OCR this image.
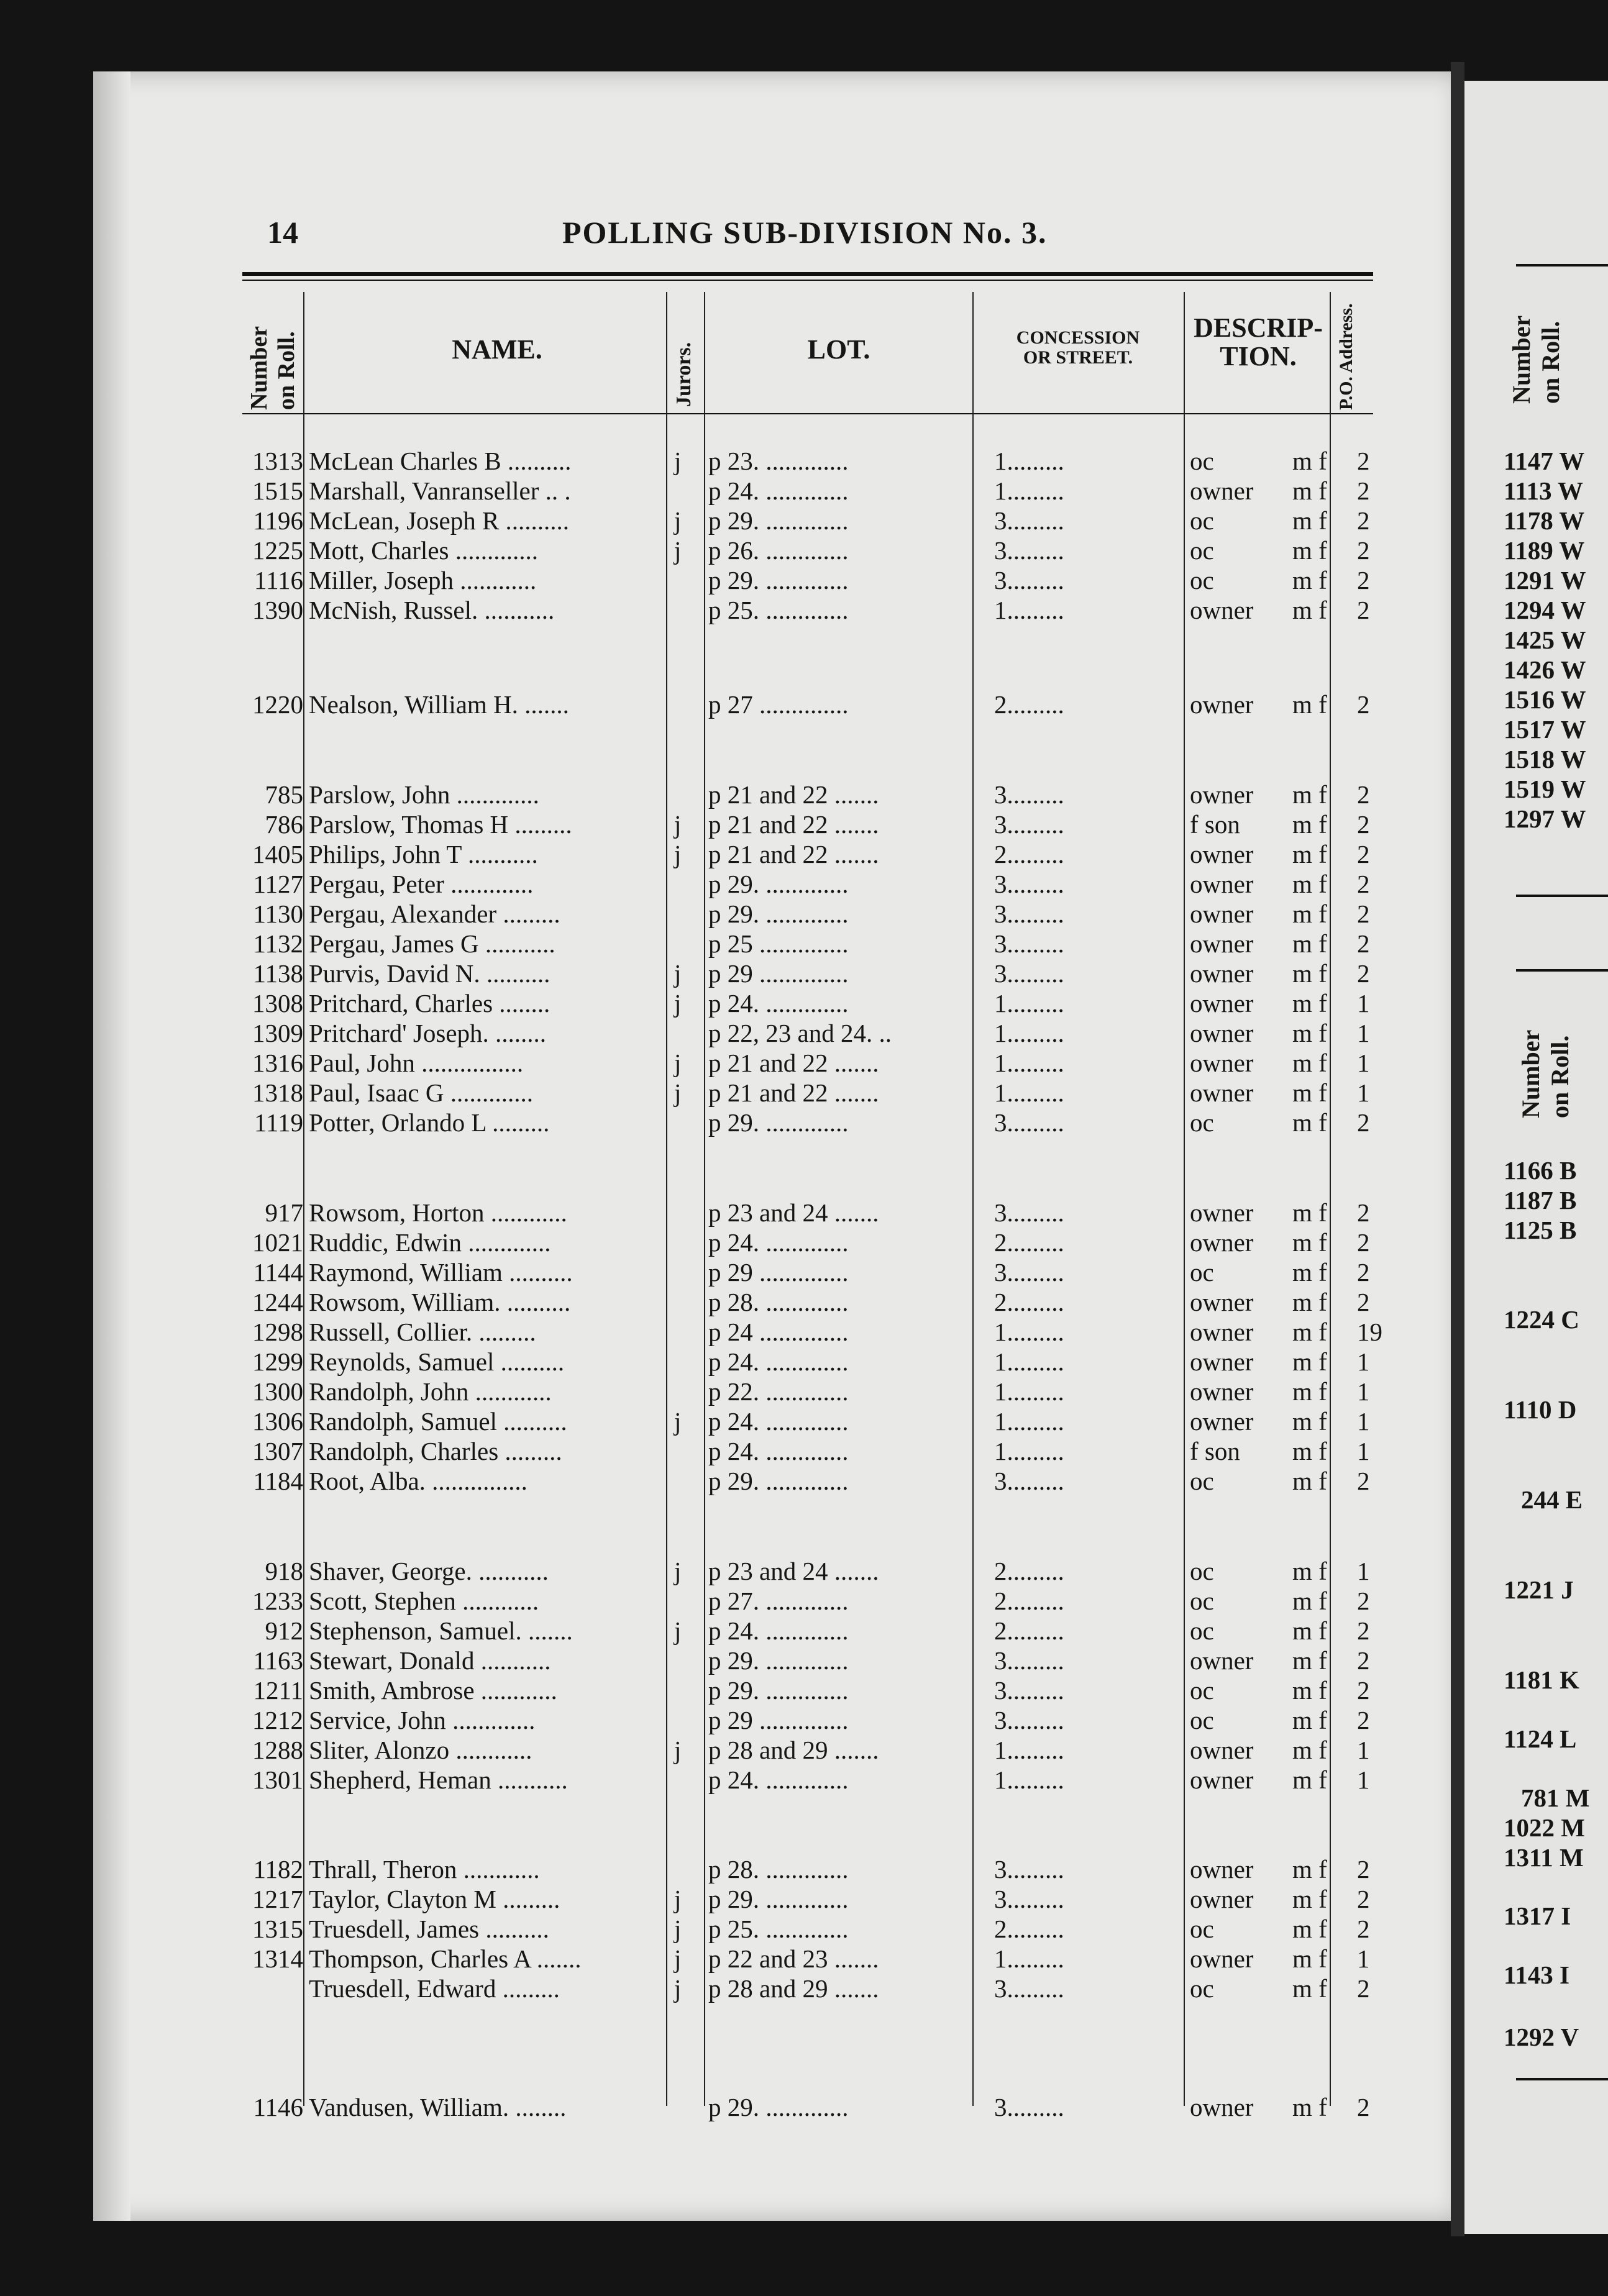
14	POLLING SUB-DIVISION No. 3.
Number on Roll.	NAME.	Jurors.	LOT.	CONCESSION
OR STREET.
DESCRIP-
TION.	P.O. Address.
1313 McLean Charles B ..........	j p 23. .............	1.........	oc	m f 2
1515 Marshall, Vanranseller .. .	p 24. .............	1.........	owner m f 2
1196 McLean, Joseph R ..........	j p 29. .............	3.........	oc	m f 2
1225 Mott, Charles .............	j p 26. .............	3.........	oc	m f 2
1116 Miller, Joseph ............	p 29. .............	3.........	oc	m f 2
1390 McNish, Russel. ...........	p 25. .............	1.........	owner m f 2
1220 Nealson, William H. .......	p 27 ..............	2.........	owner m f 2
785 Parslow, John .............	p 21 and 22 .......	3.........	owner m f 2
786 Parslow, Thomas H .........	j p 21 and 22 .......	3.........	f son m f 2
1405 Philips, John T ...........	j p 21 and 22 .......	2.........	owner m f 2
1127 Pergau, Peter .............	p 29. .............	3.........	owner m f 2
1130 Pergau, Alexander .........	p 29. .............	3.........	owner m f 2
1132 Pergau, James G ...........	p 25 ..............	3.........	owner m f 2
1138 Purvis, David N. ..........	j p 29 ..............	3.........	owner m f 2
1308 Pritchard, Charles ........	j p 24. .............	1.........	owner m f 1
1309 Pritchard' Joseph. ........	p 22, 23 and 24. ..	1.........	owner m f 1
1316 Paul, John ................	j p 21 and 22 .......	1.........	owner m f 1
1318 Paul, Isaac G .............	j p 21 and 22 .......	1.........	owner m f 1
1119 Potter, Orlando L .........	p 29. .............	3.........	oc	m f 2
917 Rowsom, Horton ............	p 23 and 24 .......	3.........	owner m f 2
1021 Ruddic, Edwin .............	p 24. .............	2.........	owner m f 2
1144 Raymond, William ..........	p 29 ..............	3.........	oc	m f 2
1244 Rowsom, William. ..........	p 28. .............	2.........	owner m f 2
1298 Russell, Collier. .........	p 24 ..............	1.........	owner m f 19
1299 Reynolds, Samuel ..........	p 24. .............	1.........	owner m f 1
1300 Randolph, John ............	p 22. .............	1.........	owner m f 1
1306 Randolph, Samuel ..........	j p 24. .............	1.........	owner m f 1
1307 Randolph, Charles .........	p 24. .............	1.........	f son m f 1
1184 Root, Alba. ...............	p 29. .............	3.........	oc	m f 2
918 Shaver, George. ...........	j p 23 and 24 .......	2.........	oc	m f 1
1233 Scott, Stephen ............	p 27. .............	2.........	oc	m f 2
912 Stephenson, Samuel. .......	j p 24. .............	2.........	oc	m f 2
1163 Stewart, Donald ...........	p 29. .............	3.........	owner m f 2
1211 Smith, Ambrose ............	p 29. .............	3.........	oc	m f 2
1212 Service, John .............	p 29 ..............	3.........	oc	m f 2
1288 Sliter, Alonzo ............	j p 28 and 29 .......	1.........	owner m f 1
1301 Shepherd, Heman ...........	p 24. .............	1.........	owner m f 1
1182 Thrall, Theron ............	p 28. .............	3.........	owner m f 2
1217 Taylor, Clayton M .........	j p 29. .............	3.........	owner m f 2
1315 Truesdell, James ..........	j p 25. .............	2.........	oc	m f 2
1314 Thompson, Charles A .......	j p 22 and 23 .......	1.........	owner m f 1
Truesdell, Edward .........	j p 28 and 29 .......	3.........	oc	m f 2
1146 Vandusen, William. ........	p 29. .............	3.........	owner m f 2
Number on Roll.
Number on Roll.
1147 W
1113 W
1178 W
1189 W
1291 W
1294 W
1425 W
1426 W
1516 W
1517 W
1518 W
1519 W
1297 W
1166 B
1187 B
1125 B
1224 C
1110 D
244 E
1221 J
1181 K
1124 L
781 M
1022 M
1311 M
1317 I
1143 I
1292 V
